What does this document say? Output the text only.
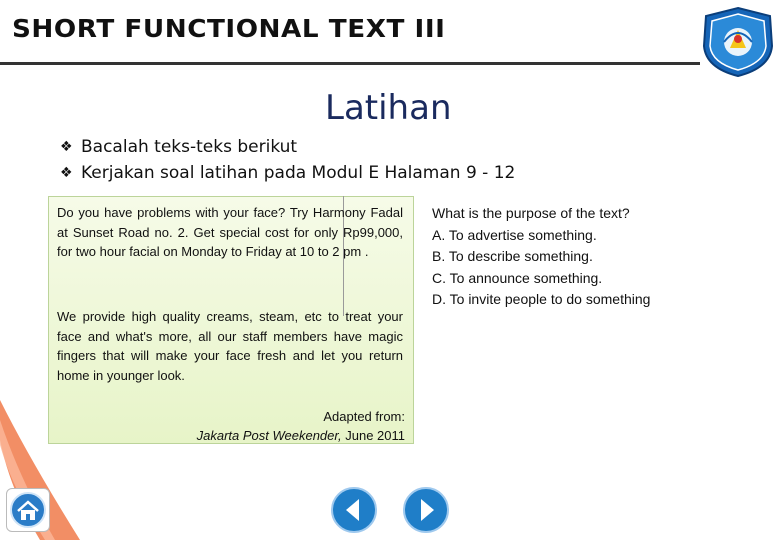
SHORT FUNCTIONAL TEXT III
Latihan
❖ Bacalah teks-teks berikut
❖ Kerjakan soal latihan pada Modul E Halaman 9 - 12
Do you have problems with your face? Try Harmony Fadal at Sunset Road no. 2. Get special cost for only Rp99,000, for two hour facial on Monday to Friday at 10 to 2 pm .
We provide high quality creams, steam, etc to treat your face and what's more, all our staff members have magic fingers that will make your face fresh and let you return home in younger look.
Adapted from:
Jakarta Post Weekender, June 2011
What is the purpose of the text?
A. To advertise something.
B. To describe something.
C. To announce something.
D. To invite people to do something
